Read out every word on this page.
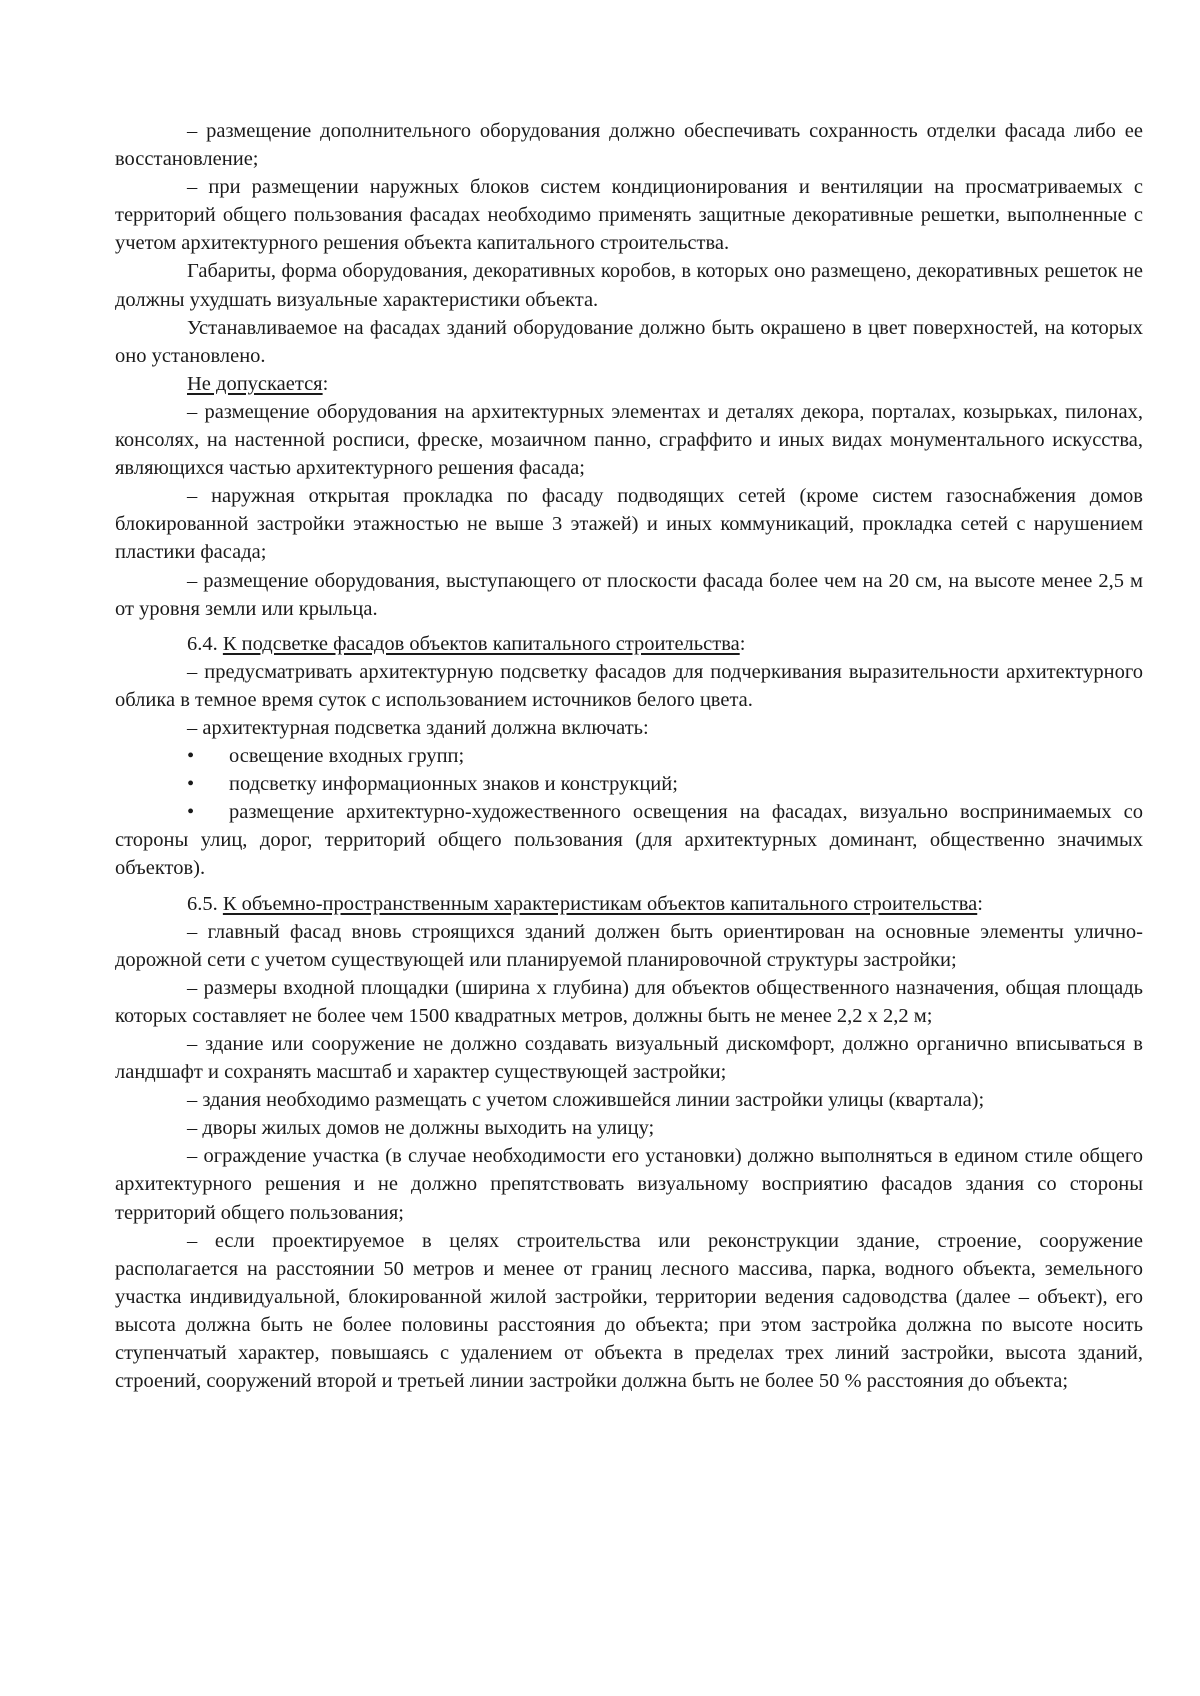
– размещение дополнительного оборудования должно обеспечивать сохранность отделки фасада либо ее восстановление;

– при размещении наружных блоков систем кондиционирования и вентиляции на просматриваемых с территорий общего пользования фасадах необходимо применять защитные декоративные решетки, выполненные с учетом архитектурного решения объекта капитального строительства.

Габариты, форма оборудования, декоративных коробов, в которых оно размещено, декоративных решеток не должны ухудшать визуальные характеристики объекта.

Устанавливаемое на фасадах зданий оборудование должно быть окрашено в цвет поверхностей, на которых оно установлено.

Не допускается:

– размещение оборудования на архитектурных элементах и деталях декора, порталах, козырьках, пилонах, консолях, на настенной росписи, фреске, мозаичном панно, сграффито и иных видах монументального искусства, являющихся частью архитектурного решения фасада;

– наружная открытая прокладка по фасаду подводящих сетей (кроме систем газоснабжения домов блокированной застройки этажностью не выше 3 этажей) и иных коммуникаций, прокладка сетей с нарушением пластики фасада;

– размещение оборудования, выступающего от плоскости фасада более чем на 20 см, на высоте менее 2,5 м от уровня земли или крыльца.

6.4. К подсветке фасадов объектов капитального строительства:

– предусматривать архитектурную подсветку фасадов для подчеркивания выразительности архитектурного облика в темное время суток с использованием источников белого цвета.

– архитектурная подсветка зданий должна включать:

• освещение входных групп;

• подсветку информационных знаков и конструкций;

• размещение архитектурно-художественного освещения на фасадах, визуально воспринимаемых со стороны улиц, дорог, территорий общего пользования (для архитектурных доминант, общественно значимых объектов).

6.5. К объемно-пространственным характеристикам объектов капитального строительства:

– главный фасад вновь строящихся зданий должен быть ориентирован на основные элементы улично-дорожной сети с учетом существующей или планируемой планировочной структуры застройки;

– размеры входной площадки (ширина х глубина) для объектов общественного назначения, общая площадь которых составляет не более чем 1500 квадратных метров, должны быть не менее 2,2 х 2,2 м;

– здание или сооружение не должно создавать визуальный дискомфорт, должно органично вписываться в ландшафт и сохранять масштаб и характер существующей застройки;

– здания необходимо размещать с учетом сложившейся линии застройки улицы (квартала);

– дворы жилых домов не должны выходить на улицу;

– ограждение участка (в случае необходимости его установки) должно выполняться в едином стиле общего архитектурного решения и не должно препятствовать визуальному восприятию фасадов здания со стороны территорий общего пользования;

– если проектируемое в целях строительства или реконструкции здание, строение, сооружение располагается на расстоянии 50 метров и менее от границ лесного массива, парка, водного объекта, земельного участка индивидуальной, блокированной жилой застройки, территории ведения садоводства (далее – объект), его высота должна быть не более половины расстояния до объекта; при этом застройка должна по высоте носить ступенчатый характер, повышаясь с удалением от объекта в пределах трех линий застройки, высота зданий, строений, сооружений второй и третьей линии застройки должна быть не более 50 % расстояния до объекта;
